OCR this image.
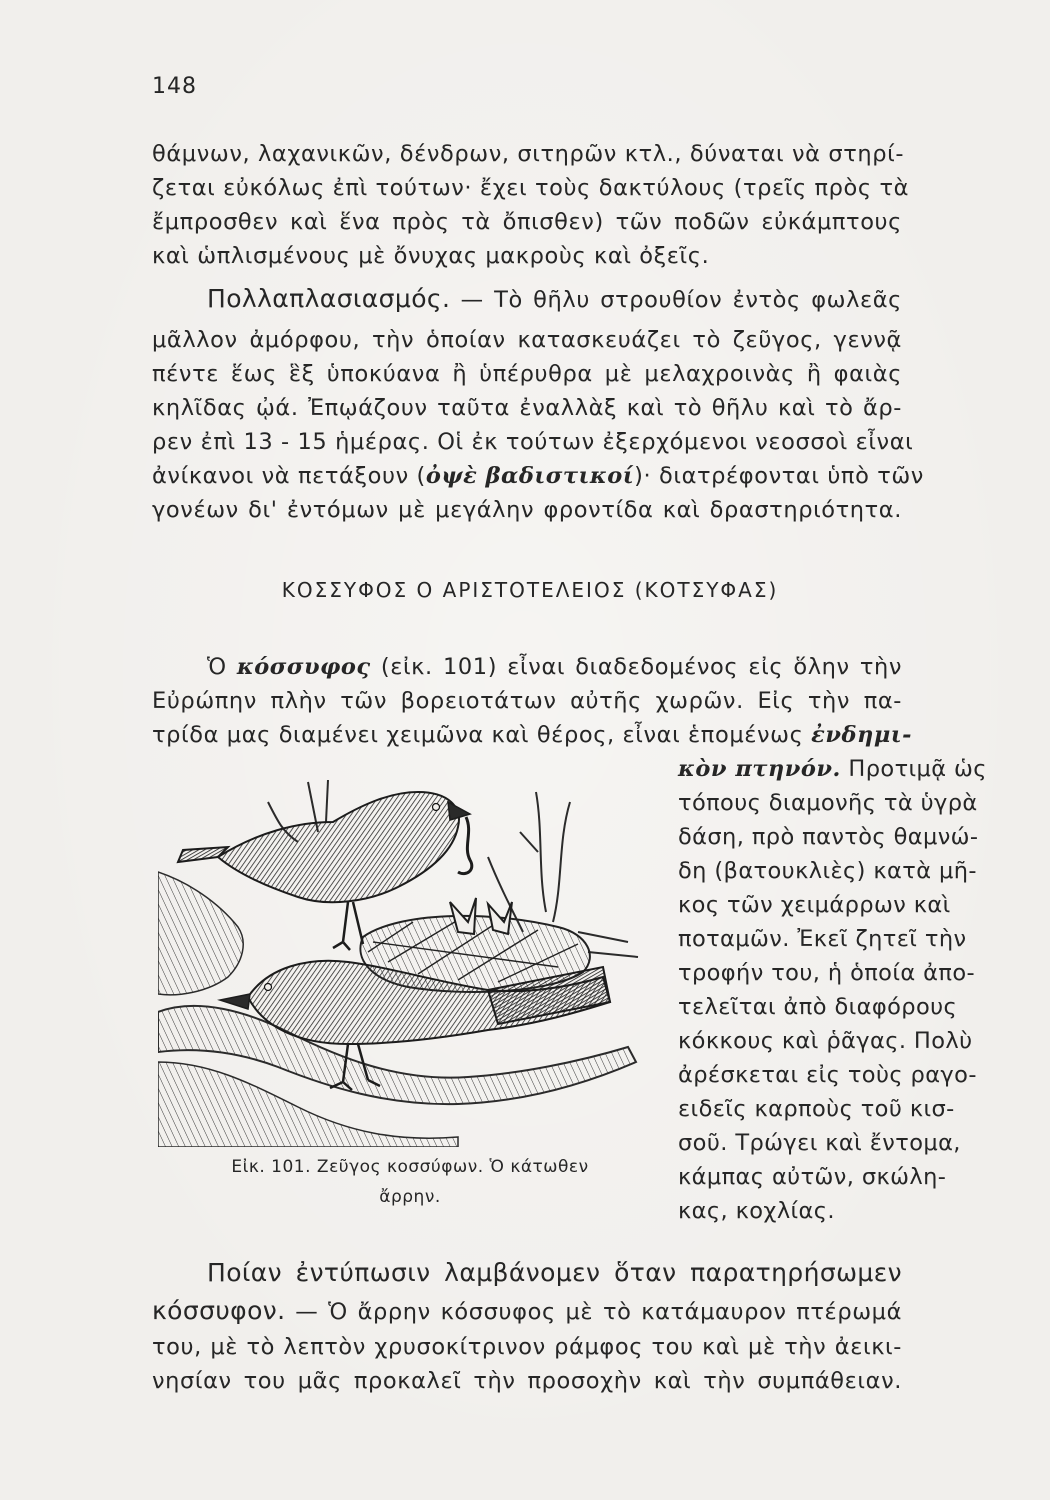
148
θάμνων, λαχανικῶν, δένδρων, σιτηρῶν κτλ., δύναται νὰ στηρί-
ζεται εὐκόλως ἐπὶ τούτων· ἔχει τοὺς δακτύλους (τρεῖς πρὸς τὰ
ἔμπροσθεν καὶ ἕνα πρὸς τὰ ὄπισθεν) τῶν ποδῶν εὐκάμπτους
καὶ ὡπλισμένους μὲ ὄνυχας μακροὺς καὶ ὀξεῖς.
Πολλαπλασιασμός. — Τὸ θῆλυ στρουθίον ἐντὸς φωλεᾶς
μᾶλλον ἀμόρφου, τὴν ὁποίαν κατασκευάζει τὸ ζεῦγος, γεννᾷ
πέντε ἕως ἓξ ὑποκύανα ἢ ὑπέρυθρα μὲ μελαχροινὰς ἢ φαιὰς
κηλῖδας ᾠά. Ἐπῳάζουν ταῦτα ἐναλλὰξ καὶ τὸ θῆλυ καὶ τὸ ἄρ-
ρεν ἐπὶ 13 - 15 ἡμέρας. Οἱ ἐκ τούτων ἐξερχόμενοι νεοσσοὶ εἶναι
ἀνίκανοι νὰ πετάξουν (ὀψὲ βαδιστικοί)· διατρέφονται ὑπὸ τῶν
γονέων δι' ἐντόμων μὲ μεγάλην φροντίδα καὶ δραστηριότητα.
ΚΟΣΣΥΦΟΣ Ο ΑΡΙΣΤΟΤΕΛΕΙΟΣ (ΚΟΤΣΥΦΑΣ)
Ὁ κόσσυφος (εἰκ. 101) εἶναι διαδεδομένος εἰς ὅλην τὴν
Εὐρώπην πλὴν τῶν βορειοτάτων αὐτῆς χωρῶν. Εἰς τὴν πα-
τρίδα μας διαμένει χειμῶνα καὶ θέρος, εἶναι ἑπομένως ἐνδημι-
κὸν πτηνόν. Προτιμᾷ ὡς
τόπους διαμονῆς τὰ ὑγρὰ
δάση, πρὸ παντὸς θαμνώ-
δη (βατουκλιὲς) κατὰ μῆ-
κος τῶν χειμάρρων καὶ
ποταμῶν. Ἐκεῖ ζητεῖ τὴν
τροφήν του, ἡ ὁποία ἀπο-
τελεῖται ἀπὸ διαφόρους
κόκκους καὶ ῥᾶγας. Πολὺ
ἀρέσκεται εἰς τοὺς ραγο-
ειδεῖς καρποὺς τοῦ κισ-
σοῦ. Τρώγει καὶ ἔντομα,
κάμπας αὐτῶν, σκώλη-
κας, κοχλίας.
Εἰκ. 101. Ζεῦγος κοσσύφων. Ὁ κάτωθεν
ἄρρην.
Ποίαν ἐντύπωσιν λαμβάνομεν ὅταν παρατηρήσωμεν
κόσσυφον. — Ὁ ἄρρην κόσσυφος μὲ τὸ κατάμαυρον πτέρωμά
του, μὲ τὸ λεπτὸν χρυσοκίτρινον ράμφος του καὶ μὲ τὴν ἀεικι-
νησίαν του μᾶς προκαλεῖ τὴν προσοχὴν καὶ τὴν συμπάθειαν.
